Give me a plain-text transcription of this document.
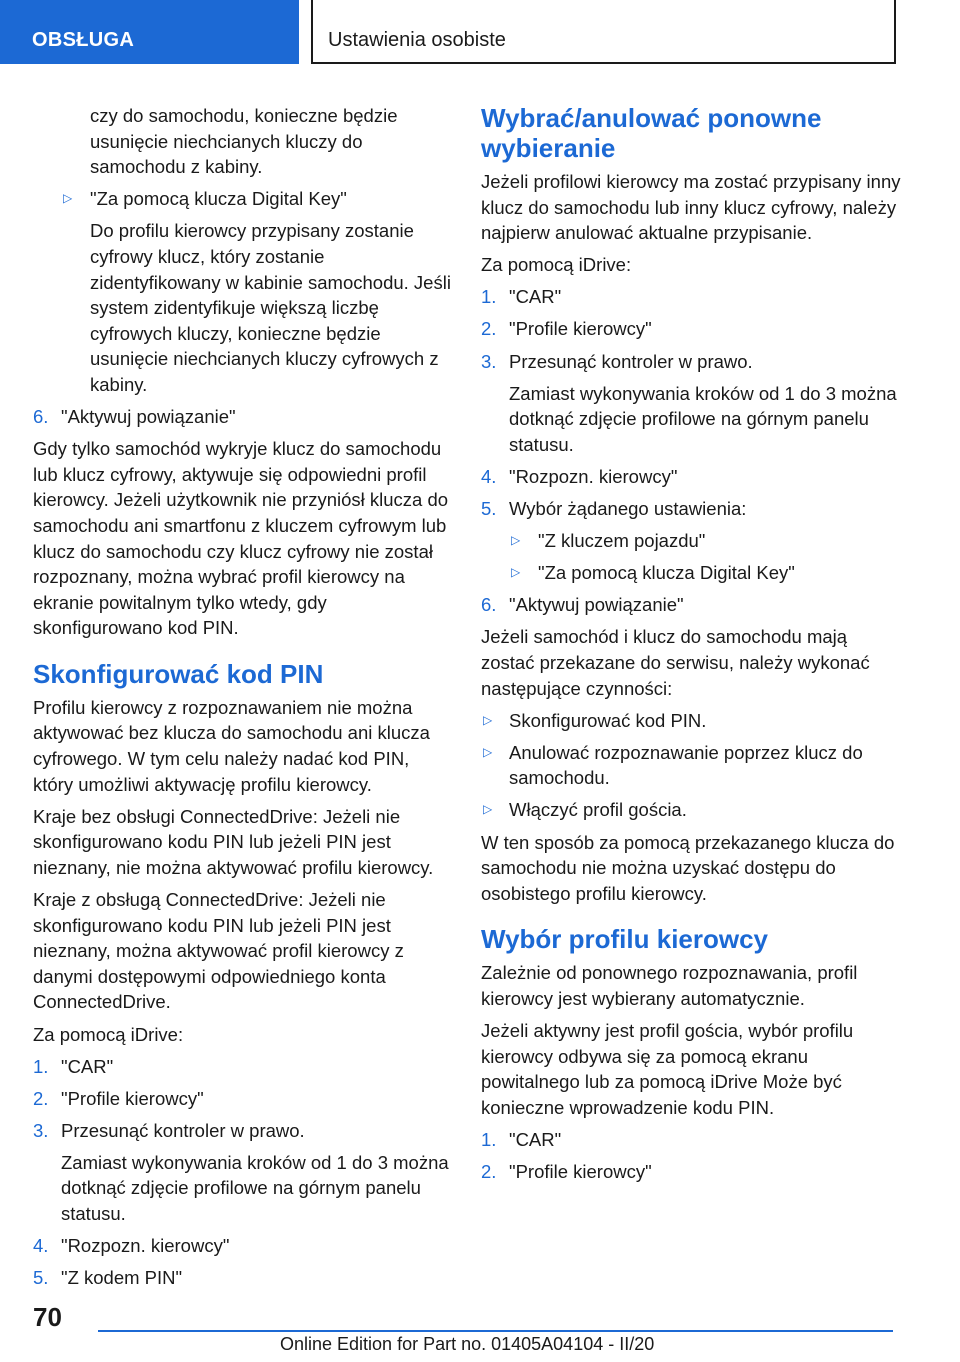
OBSŁUGA	Ustawienia osobiste

czy do samochodu, konieczne będzie usunięcie niechcianych kluczy do samochodu z kabiny.

▷ "Za pomocą klucza Digital Key"

Do profilu kierowcy przypisany zostanie cyfrowy klucz, który zostanie zidentyfikowany w kabinie samochodu. Jeśli system zidentyfikuje większą liczbę cyfrowych kluczy, konieczne będzie usunięcie niechcianych kluczy cyfrowych z kabiny.

6. "Aktywuj powiązanie"

Gdy tylko samochód wykryje klucz do samochodu lub klucz cyfrowy, aktywuje się odpowiedni profil kierowcy. Jeżeli użytkownik nie przyniósł klucza do samochodu ani smartfonu z kluczem cyfrowym lub klucz do samochodu czy klucz cyfrowy nie został rozpoznany, można wybrać profil kierowcy na ekranie powitalnym tylko wtedy, gdy skonfigurowano kod PIN.

Skonfigurować kod PIN

Profilu kierowcy z rozpoznawaniem nie można aktywować bez klucza do samochodu ani klucza cyfrowego. W tym celu należy nadać kod PIN, który umożliwi aktywację profilu kierowcy.

Kraje bez obsługi ConnectedDrive: Jeżeli nie skonfigurowano kodu PIN lub jeżeli PIN jest nieznany, nie można aktywować profilu kierowcy.

Kraje z obsługą ConnectedDrive: Jeżeli nie skonfigurowano kodu PIN lub jeżeli PIN jest nieznany, można aktywować profil kierowcy z danymi dostępowymi odpowiedniego konta ConnectedDrive.

Za pomocą iDrive:

1. "CAR"
2. "Profile kierowcy"
3. Przesunąć kontroler w prawo.

Zamiast wykonywania kroków od 1 do 3 można dotknąć zdjęcie profilowe na górnym panelu statusu.

4. "Rozpozn. kierowcy"
5. "Z kodem PIN"
Wybrać/anulować ponowne wybieranie

Jeżeli profilowi kierowcy ma zostać przypisany inny klucz do samochodu lub inny klucz cyfrowy, należy najpierw anulować aktualne przypisanie.

Za pomocą iDrive:

1. "CAR"
2. "Profile kierowcy"
3. Przesunąć kontroler w prawo.

Zamiast wykonywania kroków od 1 do 3 można dotknąć zdjęcie profilowe na górnym panelu statusu.

4. "Rozpozn. kierowcy"
5. Wybór żądanego ustawienia:

▷ "Z kluczem pojazdu"

▷ "Za pomocą klucza Digital Key"

6. "Aktywuj powiązanie"

Jeżeli samochód i klucz do samochodu mają zostać przekazane do serwisu, należy wykonać następujące czynności:

▷ Skonfigurować kod PIN.

▷ Anulować rozpoznawanie poprzez klucz do samochodu.

▷ Włączyć profil gościa.

W ten sposób za pomocą przekazanego klucza do samochodu nie można uzyskać dostępu do osobistego profilu kierowcy.

Wybór profilu kierowcy

Zależnie od ponownego rozpoznawania, profil kierowcy jest wybierany automatycznie.

Jeżeli aktywny jest profil gościa, wybór profilu kierowcy odbywa się za pomocą ekranu powitalnego lub za pomocą iDrive Może być konieczne wprowadzenie kodu PIN.

1. "CAR"
2. "Profile kierowcy"
70
Online Edition for Part no. 01405A04104 - II/20
